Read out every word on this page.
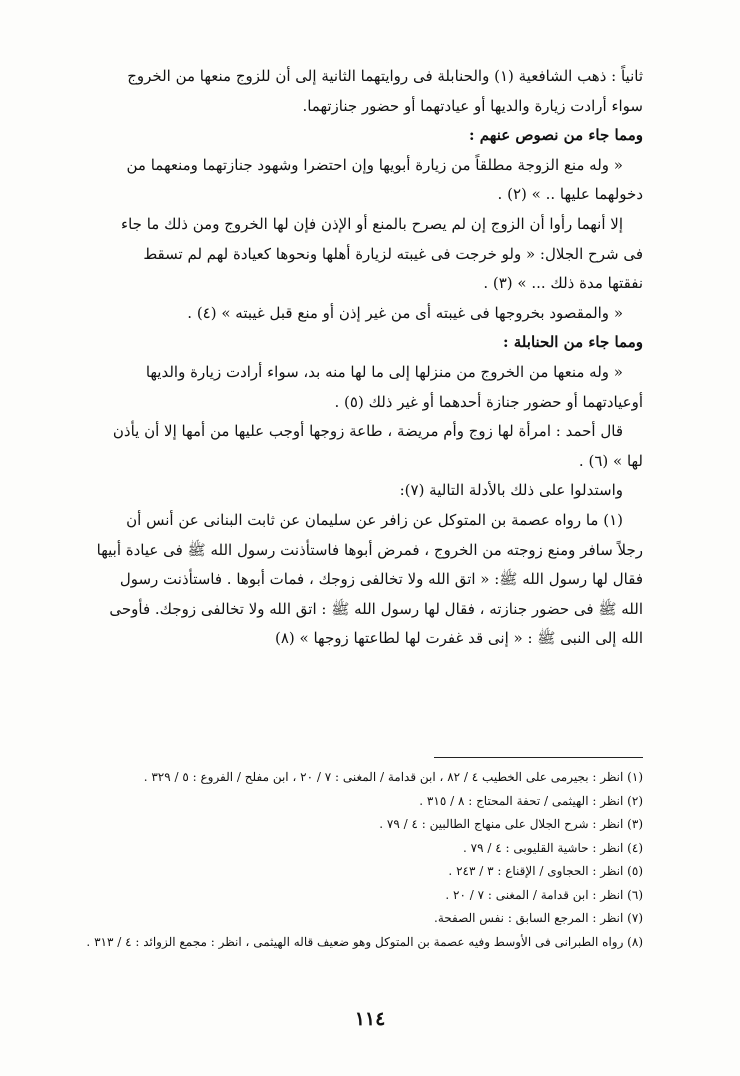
ثانياً : ذهب الشافعية (١) والحنابلة فى روايتهما الثانية إلى أن للزوج منعها من الخروج

سواء أرادت زيارة والديها أو عيادتهما أو حضور جنازتهما.

ومما جاء من نصوص عنهم :

« وله منع الزوجة مطلقاً من زيارة أبويها وإن احتضرا وشهود جنازتهما ومنعهما من

دخولهما عليها .. » (٢) .

إلا أنهما رأوا أن الزوج إن لم يصرح بالمنع أو الإذن فإن لها الخروج ومن ذلك ما جاء

فى شرح الجلال: « ولو خرجت فى غيبته لزيارة أهلها ونحوها كعيادة لهم لم تسقط

نفقتها مدة ذلك ... » (٣) .

« والمقصود بخروجها فى غيبته أى من غير إذن أو منع قبل غيبته » (٤) .

ومما جاء من الحنابلة :

« وله منعها من الخروج من منزلها إلى ما لها منه بد، سواء أرادت زيارة والديها

أوعيادتهما أو حضور جنازة أحدهما أو غير ذلك (٥) .

قال أحمد : امرأة لها زوج وأم مريضة ، طاعة زوجها أوجب عليها من أمها إلا أن يأذن

لها » (٦) .

واستدلوا على ذلك بالأدلة التالية (٧):

(١) ما رواه عصمة بن المتوكل عن زافر عن سليمان عن ثابت البنانى عن أنس أن

رجلاً سافر ومنع زوجته من الخروج ، فمرض أبوها فاستأذنت رسول الله ﷺ فى عيادة أبيها

فقال لها رسول الله ﷺ: « اتق الله ولا تخالفى زوجك ، فمات أبوها . فاستأذنت رسول

الله ﷺ فى حضور جنازته ، فقال لها رسول الله ﷺ : اتق الله ولا تخالفى زوجك. فأوحى

الله إلى النبى ﷺ : « إنى قد غفرت لها لطاعتها زوجها » (٨)

(١) انظر : بجيرمى على الخطيب ٤ / ٨٢ ، ابن قدامة / المغنى : ٧ / ٢٠ ، ابن مفلح / الفروع : ٥ / ٣٢٩ .

(٢) انظر : الهيثمى / تحفة المحتاج : ٨ / ٣١٥ .

(٣) انظر : شرح الجلال على منهاج الطالبين : ٤ / ٧٩ .

(٤) انظر : حاشية القليوبى : ٤ / ٧٩ .

(٥) انظر : الحجاوى / الإقناع : ٣ / ٢٤٣ .

(٦) انظر : ابن قدامة / المغنى : ٧ / ٢٠ .

(٧) انظر : المرجع السابق : نفس الصفحة.

(٨) رواه الطبرانى فى الأوسط وفيه عصمة بن المتوكل وهو ضعيف قاله الهيثمى ، انظر : مجمع الزوائد : ٤ / ٣١٣ .

١١٤
